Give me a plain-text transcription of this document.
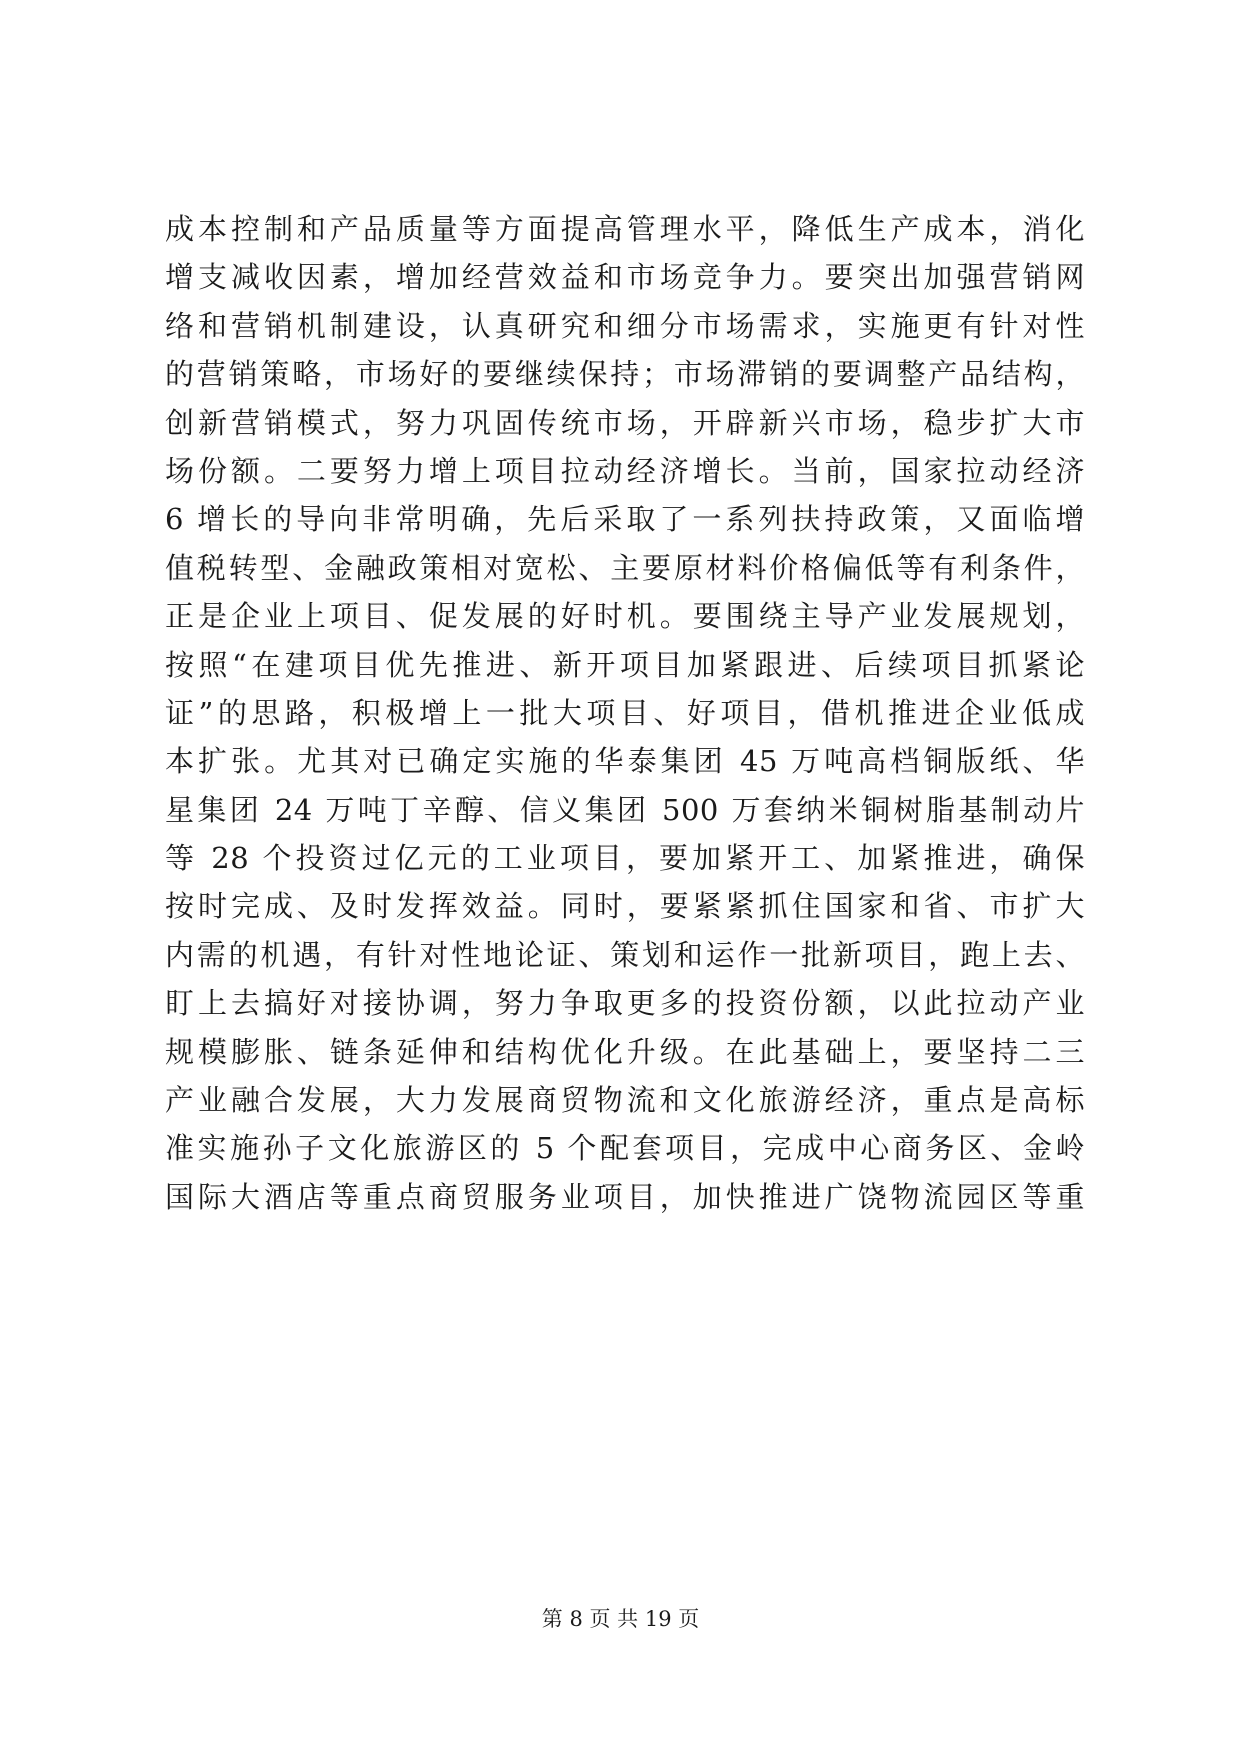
成本控制和产品质量等方面提高管理水平，降低生产成本，消化
增支减收因素，增加经营效益和市场竞争力。要突出加强营销网
络和营销机制建设，认真研究和细分市场需求，实施更有针对性
的营销策略，市场好的要继续保持；市场滞销的要调整产品结构，
创新营销模式，努力巩固传统市场，开辟新兴市场，稳步扩大市
场份额。二要努力增上项目拉动经济增长。当前，国家拉动经济
6 增长的导向非常明确，先后采取了一系列扶持政策，又面临增
值税转型、金融政策相对宽松、主要原材料价格偏低等有利条件，
正是企业上项目、促发展的好时机。要围绕主导产业发展规划，
按照“在建项目优先推进、新开项目加紧跟进、后续项目抓紧论
证”的思路，积极增上一批大项目、好项目，借机推进企业低成
本扩张。尤其对已确定实施的华泰集团 45 万吨高档铜版纸、华
星集团 24 万吨丁辛醇、信义集团 500 万套纳米铜树脂基制动片
等 28 个投资过亿元的工业项目，要加紧开工、加紧推进，确保
按时完成、及时发挥效益。同时，要紧紧抓住国家和省、市扩大
内需的机遇，有针对性地论证、策划和运作一批新项目，跑上去、
盯上去搞好对接协调，努力争取更多的投资份额，以此拉动产业
规模膨胀、链条延伸和结构优化升级。在此基础上，要坚持二三
产业融合发展，大力发展商贸物流和文化旅游经济，重点是高标
准实施孙子文化旅游区的 5 个配套项目，完成中心商务区、金岭
国际大酒店等重点商贸服务业项目，加快推进广饶物流园区等重
第 8 页 共 19 页
